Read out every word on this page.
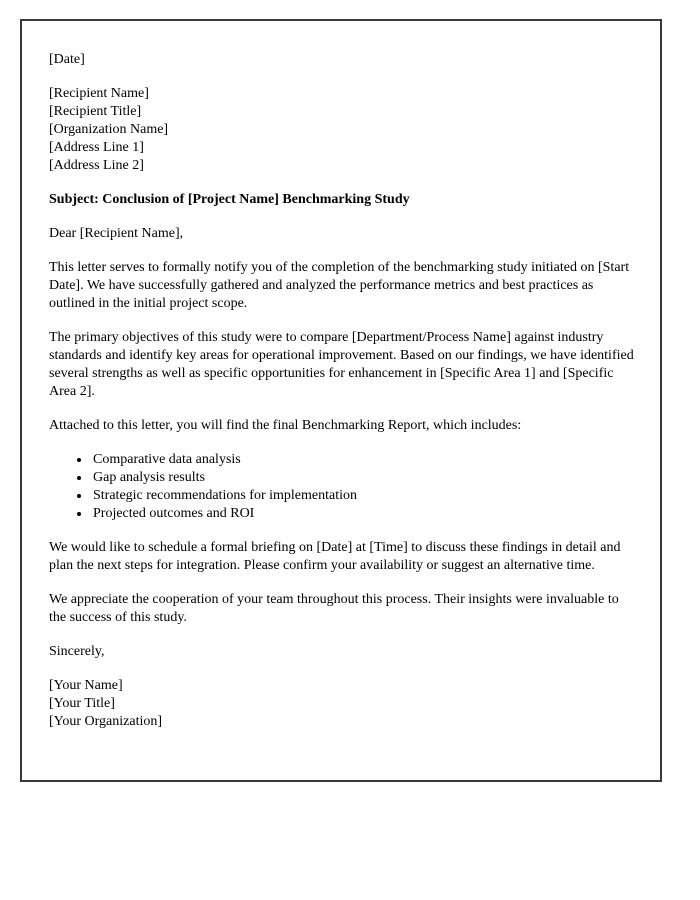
[Date]

[Recipient Name]
[Recipient Title]
[Organization Name]
[Address Line 1]
[Address Line 2]

Subject: Conclusion of [Project Name] Benchmarking Study

Dear [Recipient Name],

This letter serves to formally notify you of the completion of the benchmarking study initiated on [Start Date]. We have successfully gathered and analyzed the performance metrics and best practices as outlined in the initial project scope.

The primary objectives of this study were to compare [Department/Process Name] against industry standards and identify key areas for operational improvement. Based on our findings, we have identified several strengths as well as specific opportunities for enhancement in [Specific Area 1] and [Specific Area 2].

Attached to this letter, you will find the final Benchmarking Report, which includes:

• Comparative data analysis
• Gap analysis results
• Strategic recommendations for implementation
• Projected outcomes and ROI

We would like to schedule a formal briefing on [Date] at [Time] to discuss these findings in detail and plan the next steps for integration. Please confirm your availability or suggest an alternative time.

We appreciate the cooperation of your team throughout this process. Their insights were invaluable to the success of this study.

Sincerely,

[Your Name]
[Your Title]
[Your Organization]
